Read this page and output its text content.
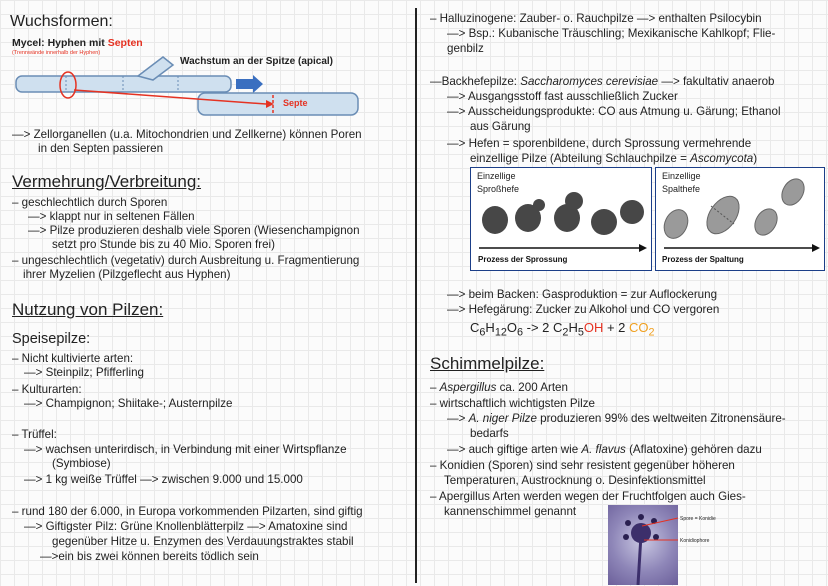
Wuchsformen:
Mycel: Hyphen mit Septen
(Trennwände innerhalb der Hyphen)
Wachstum an der Spitze (apical)
Septe
—> Zellorganellen (u.a. Mitochondrien und Zellkerne) können Poren
in den Septen passieren
Vermehrung/Verbreitung:
– geschlechtlich durch Sporen
—> klappt nur in seltenen Fällen
—> Pilze produzieren deshalb viele Sporen (Wiesenchampignon
setzt pro Stunde bis zu 40 Mio. Sporen frei)
– ungeschlechtlich (vegetativ) durch Ausbreitung u. Fragmentierung
ihrer Myzelien (Pilzgeflecht aus Hyphen)
Nutzung von Pilzen:
Speisepilze:
– Nicht kultivierte arten:
—> Steinpilz; Pfifferling
– Kulturarten:
—> Champignon; Shiitake-; Austernpilze
– Trüffel:
—> wachsen unterirdisch, in Verbindung mit einer Wirtspflanze
(Symbiose)
—> 1 kg weiße Trüffel —> zwischen 9.000 und 15.000
– rund 180 der 6.000, in Europa vorkommenden Pilzarten, sind giftig
—> Giftigster Pilz: Grüne Knollenblätterpilz —> Amatoxine sind
gegenüber Hitze u. Enzymen des Verdauungstraktes stabil
—>ein bis zwei können bereits tödlich sein
– Halluzinogene: Zauber- o. Rauchpilze —> enthalten Psilocybin
—> Bsp.: Kubanische Träuschling; Mexikanische Kahlkopf; Flie-
genbilz
—Backhefepilze: Saccharomyces cerevisiae —> fakultativ anaerob
—> Ausgangsstoff fast ausschließlich Zucker
—> Ausscheidungsprodukte: CO aus Atmung u. Gärung; Ethanol
aus Gärung
—> Hefen = sporenbildene, durch Sprossung vermehrende
einzellige Pilze (Abteilung Schlauchpilze = Ascomycota)
Einzellige
Sproßhefe
Prozess der Sprossung
Einzellige
Spalthefe
Prozess der Spaltung
—> beim Backen: Gasproduktion = zur Auflockerung
—> Hefegärung: Zucker zu Alkohol und CO vergoren
$C_6H_{12}O_6 -> 2$ $C_2H_5OH + 2$ $CO_2$
Schimmelpilze:
– Aspergillus ca. 200 Arten
– wirtschaftlich wichtigsten Pilze
—> A. niger Pilze produzieren 99% des weltweiten Zitronensäure-
bedarfs
—> auch giftige arten wie A. flavus (Aflatoxine) gehören dazu
– Konidien (Sporen) sind sehr resistent gegenüber höheren
Temperaturen, Austrocknung o. Desinfektionsmittel
– Apergillus Arten werden wegen der Fruchtfolgen auch Gies-
kannenschimmel genannt
Spore = Konidie
Konidiophore
